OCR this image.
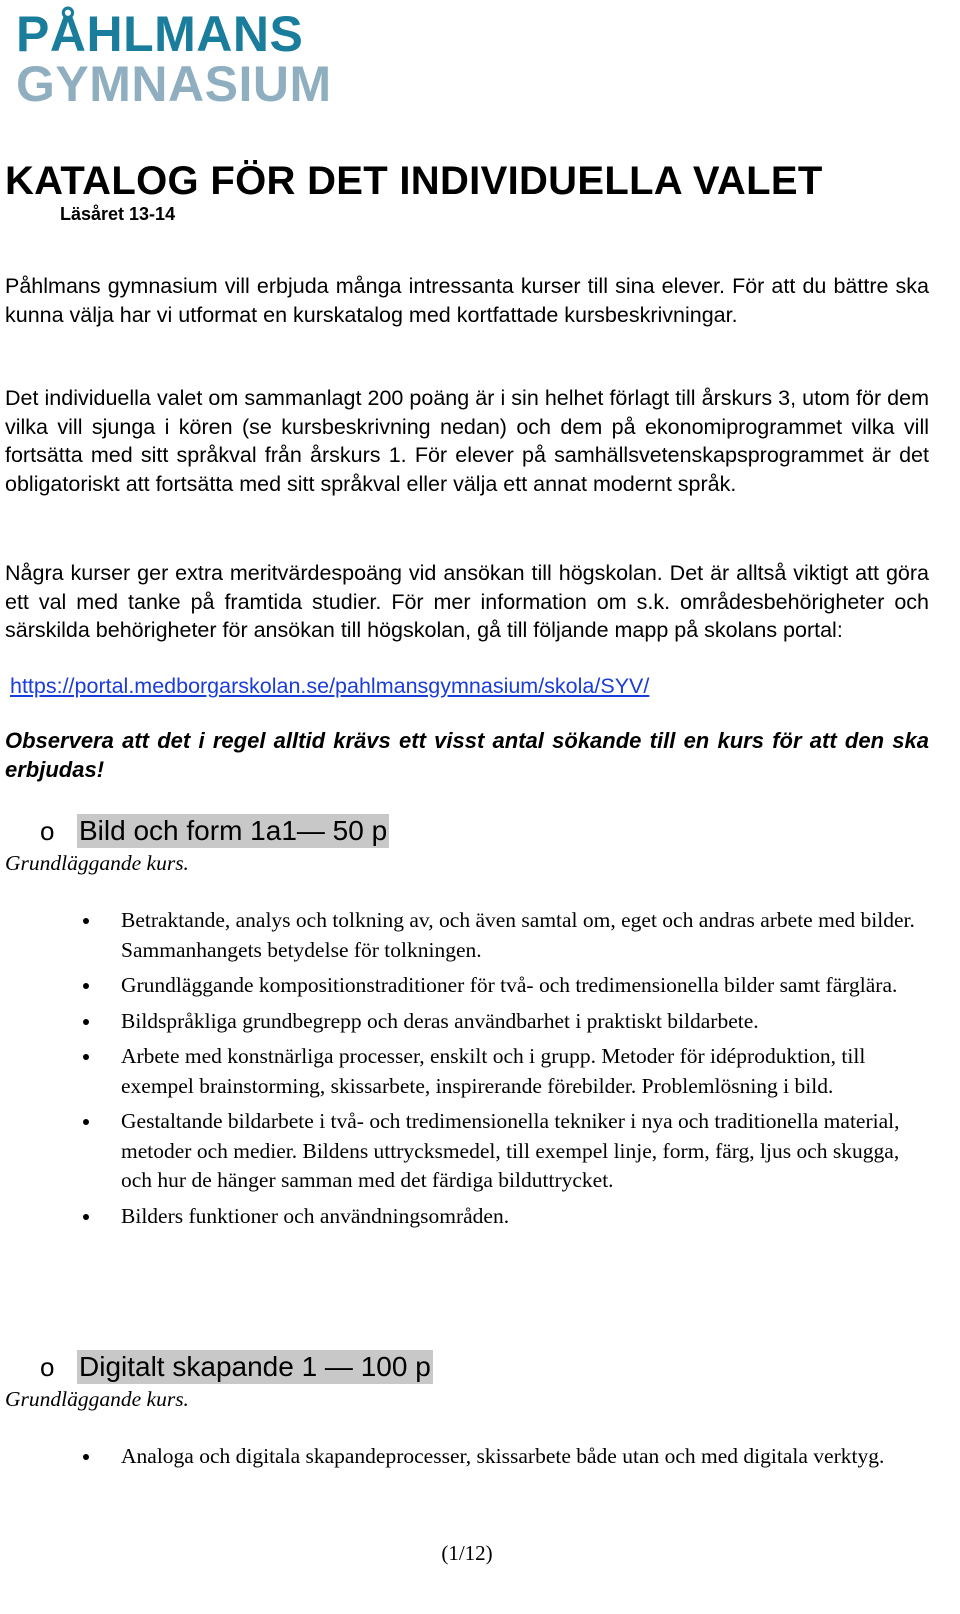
PÅHLMANS
GYMNASIUM
KATALOG FÖR DET INDIVIDUELLA VALET
Läsåret 13-14

Påhlmans gymnasium vill erbjuda många intressanta kurser till sina elever. För att du bättre ska kunna välja har vi utformat en kurskatalog med kortfattade kursbeskrivningar.

Det individuella valet om sammanlagt 200 poäng är i sin helhet förlagt till årskurs 3, utom för dem vilka vill sjunga i kören (se kursbeskrivning nedan) och dem på ekonomiprogrammet vilka vill fortsätta med sitt språkval från årskurs 1. För elever på samhällsvetenskapsprogrammet är det obligatoriskt att fortsätta med sitt språkval eller välja ett annat modernt språk.

Några kurser ger extra meritvärdespoäng vid ansökan till högskolan. Det är alltså viktigt att göra ett val med tanke på framtida studier. För mer information om s.k. områdesbehörigheter och särskilda behörigheter för ansökan till högskolan, gå till följande mapp på skolans portal:

https://portal.medborgarskolan.se/pahlmansgymnasium/skola/SYV/

Observera att det i regel alltid krävs ett visst antal sökande till en kurs för att den ska erbjudas!

o Bild och form 1a1— 50 p
Grundläggande kurs.
Betraktande, analys och tolkning av, och även samtal om, eget och andras arbete med bilder. Sammanhangets betydelse för tolkningen.
Grundläggande kompositionstraditioner för två- och tredimensionella bilder samt färglära.
Bildspråkliga grundbegrepp och deras användbarhet i praktiskt bildarbete.
Arbete med konstnärliga processer, enskilt och i grupp. Metoder för idéproduktion, till exempel brainstorming, skissarbete, inspirerande förebilder. Problemlösning i bild.
Gestaltande bildarbete i två- och tredimensionella tekniker i nya och traditionella material, metoder och medier. Bildens uttrycksmedel, till exempel linje, form, färg, ljus och skugga, och hur de hänger samman med det färdiga bilduttrycket.
Bilders funktioner och användningsområden.
o Digitalt skapande 1 — 100 p
Grundläggande kurs.
Analoga och digitala skapandeprocesser, skissarbete både utan och med digitala verktyg.
(1/12)
